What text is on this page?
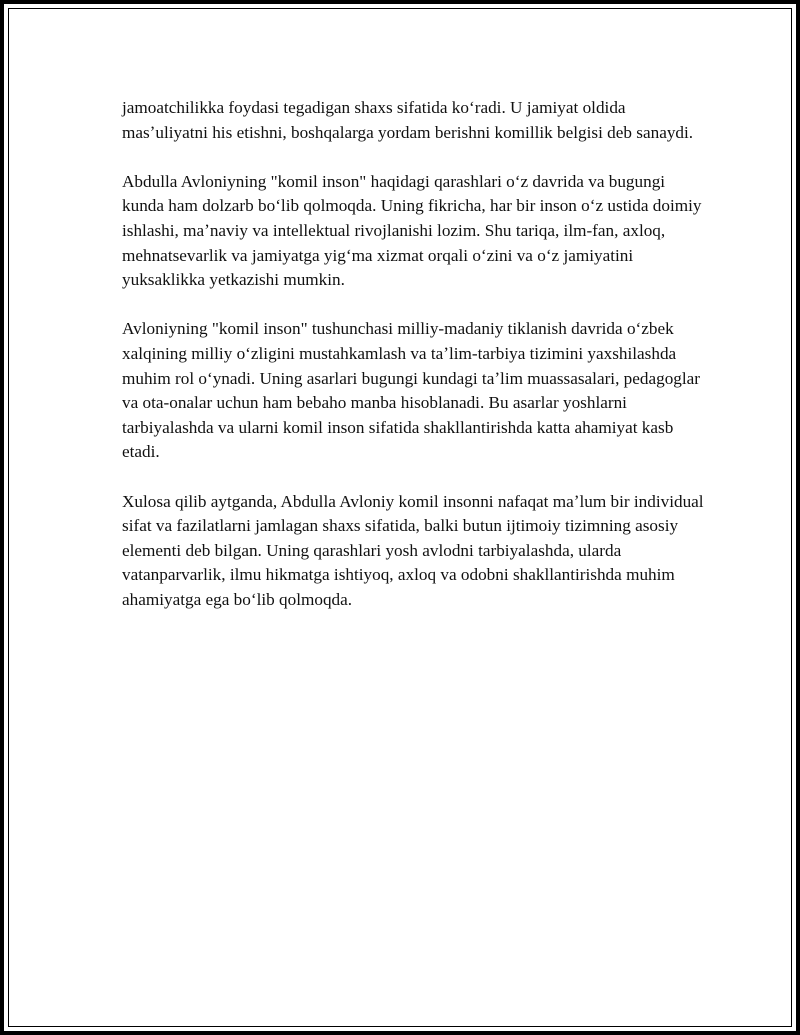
jamoatchilikka foydasi tegadigan shaxs sifatida koʻradi. U jamiyat oldida masʼuliyatni his etishni, boshqalarga yordam berishni komillik belgisi deb sanaydi.

Abdulla Avloniyning "komil inson" haqidagi qarashlari oʻz davrida va bugungi kunda ham dolzarb boʻlib qolmoqda. Uning fikricha, har bir inson oʻz ustida doimiy ishlashi, maʼnaviy va intellektual rivojlanishi lozim. Shu tariqa, ilm-fan, axloq, mehnatsevarlik va jamiyatga yigʻma xizmat orqali oʻzini va oʻz jamiyatini yuksaklikka yetkazishi mumkin.

Avloniyning "komil inson" tushunchasi milliy-madaniy tiklanish davrida oʻzbek xalqining milliy oʻzligini mustahkamlash va taʼlim-tarbiya tizimini yaxshilashda muhim rol oʻynadi. Uning asarlari bugungi kundagi taʼlim muassasalari, pedagoglar va ota-onalar uchun ham bebaho manba hisoblanadi. Bu asarlar yoshlarni tarbiyalashda va ularni komil inson sifatida shakllantirishda katta ahamiyat kasb etadi.

Xulosa qilib aytganda, Abdulla Avloniy komil insonni nafaqat maʼlum bir individual sifat va fazilatlarni jamlagan shaxs sifatida, balki butun ijtimoiy tizimning asosiy elementi deb bilgan. Uning qarashlari yosh avlodni tarbiyalashda, ularda vatanparvarlik, ilmu hikmatga ishtiyoq, axloq va odobni shakllantirishda muhim ahamiyatga ega boʻlib qolmoqda.
